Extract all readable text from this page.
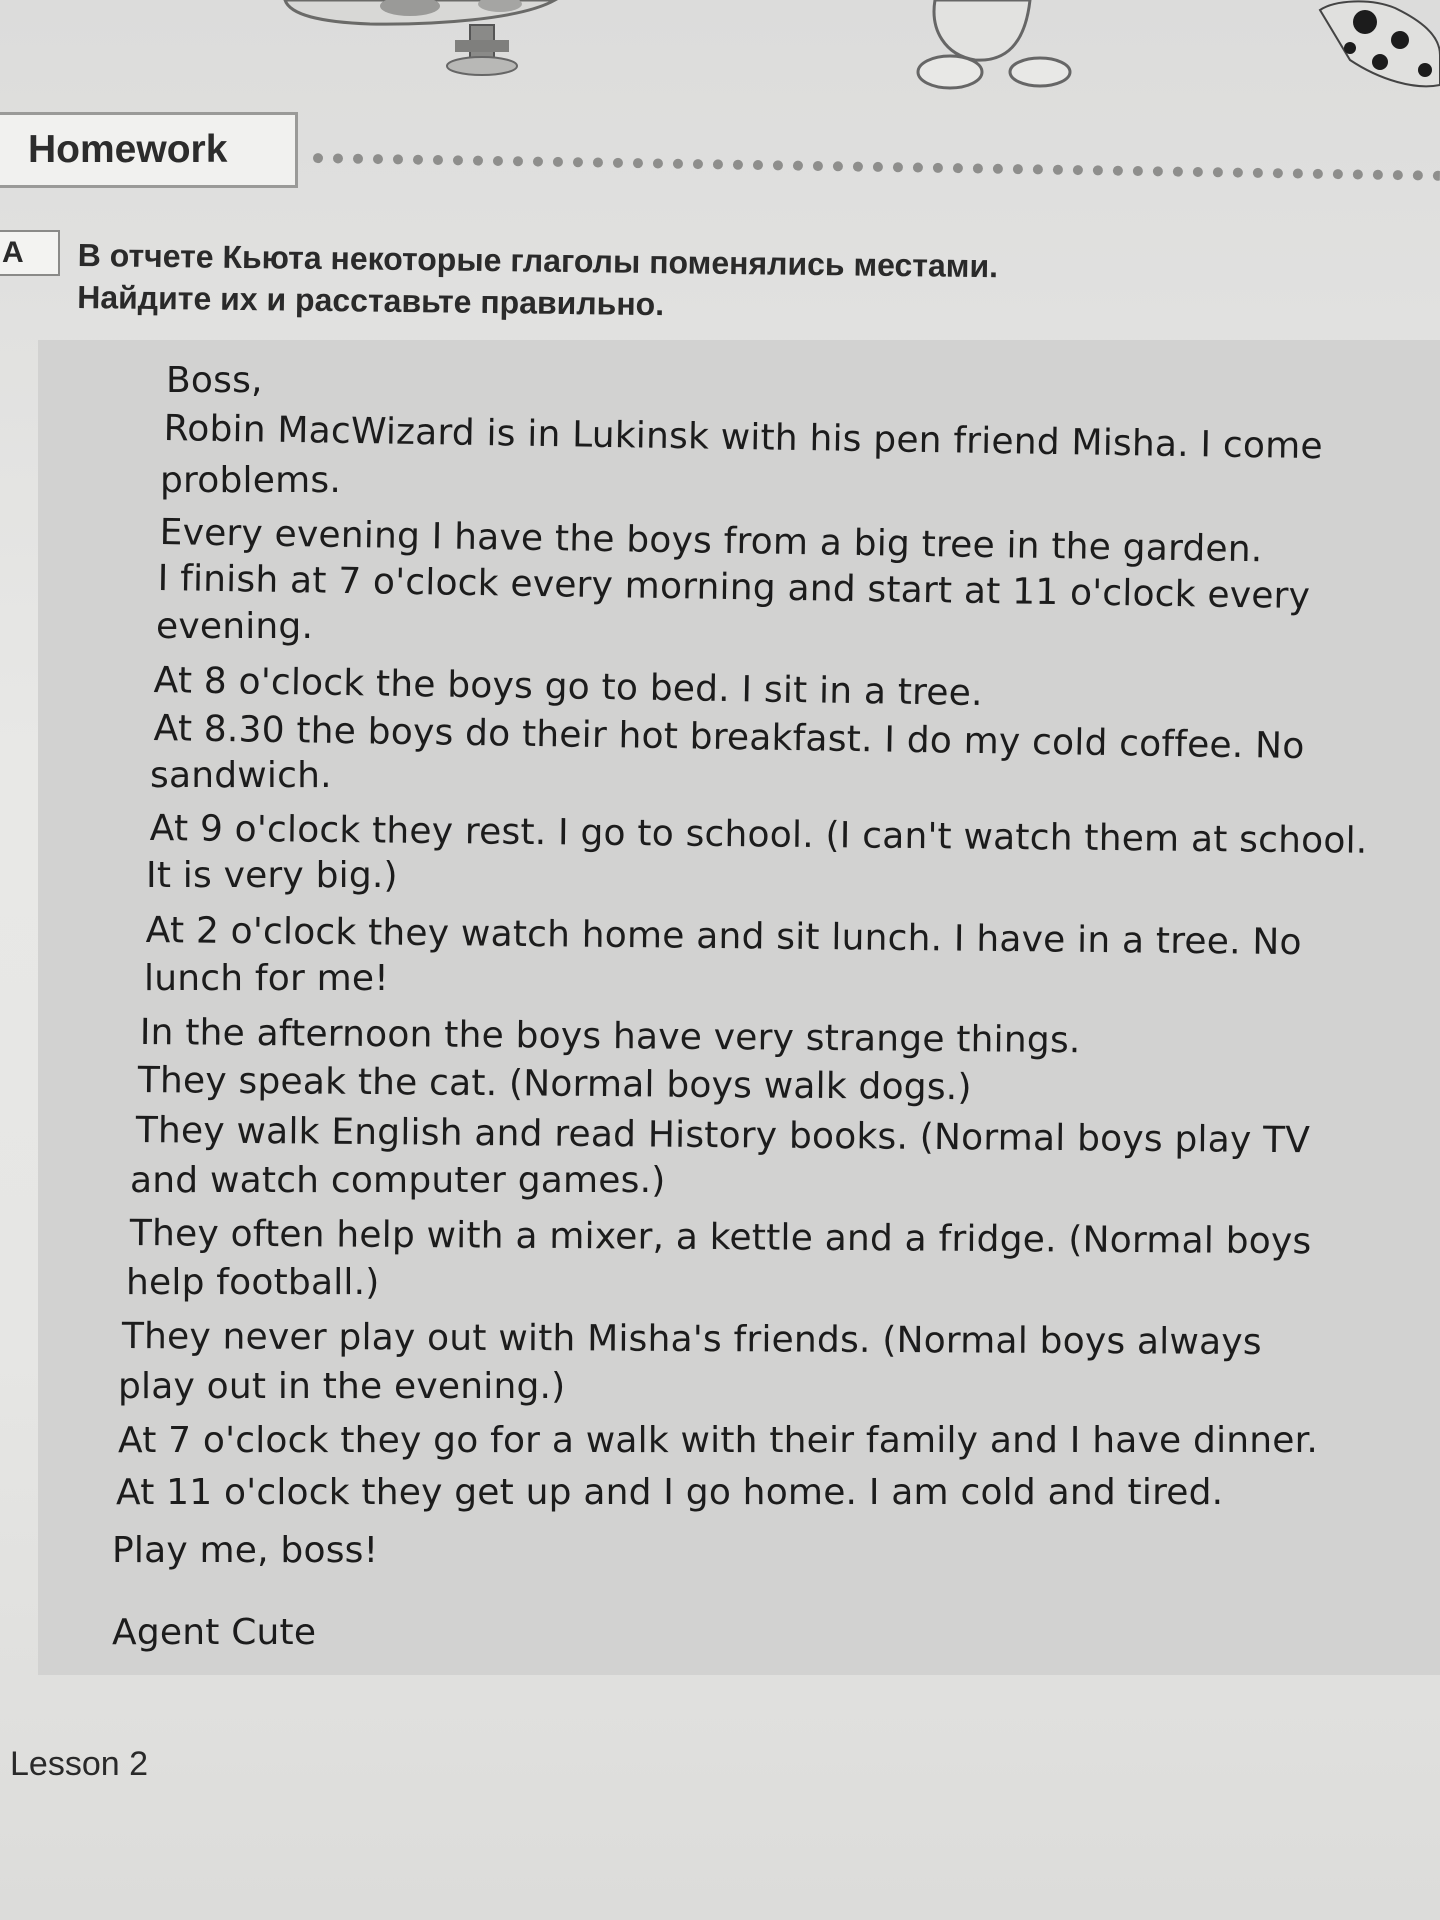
Homework
A	В отчете Кьюта некоторые глаголы поменялись местами.
Найдите их и расставьте правильно.
Boss,
Robin MacWizard is in Lukinsk with his pen friend Misha. I come
problems.
Every evening I have the boys from a big tree in the garden.
I finish at 7 o'clock every morning and start at 11 o'clock every
evening.
At 8 o'clock the boys go to bed. I sit in a tree.
At 8.30 the boys do their hot breakfast. I do my cold coffee. No
sandwich.
At 9 o'clock they rest. I go to school. (I can't watch them at school.
It is very big.)
At 2 o'clock they watch home and sit lunch. I have in a tree. No
lunch for me!
In the afternoon the boys have very strange things.
They speak the cat. (Normal boys walk dogs.)
They walk English and read History books. (Normal boys play TV
and watch computer games.)
They often help with a mixer, a kettle and a fridge. (Normal boys
help football.)
They never play out with Misha's friends. (Normal boys always
play out in the evening.)
At 7 o'clock they go for a walk with their family and I have dinner.
At 11 o'clock they get up and I go home. I am cold and tired.
Play me, boss!
Agent Cute
Lesson 2
